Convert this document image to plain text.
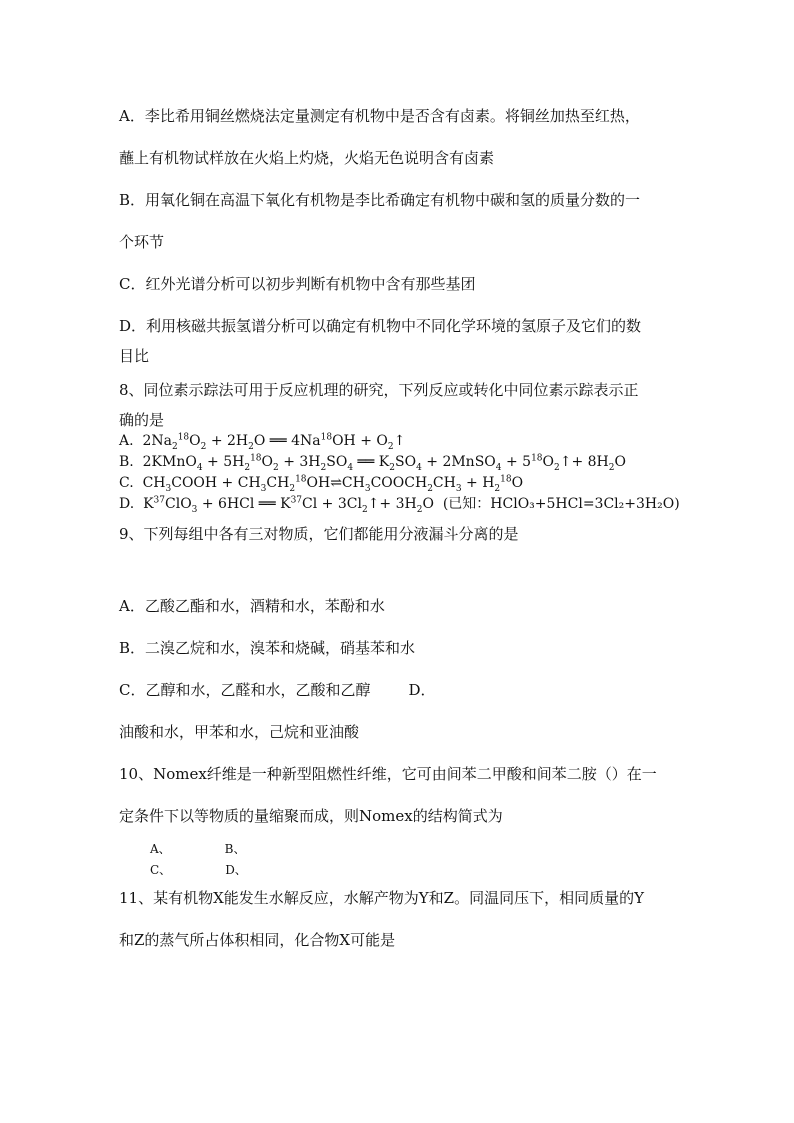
A．李比希用铜丝燃烧法定量测定有机物中是否含有卤素。将铜丝加热至红热，
蘸上有机物试样放在火焰上灼烧，火焰无色说明含有卤素
B．用氧化铜在高温下氧化有机物是李比希确定有机物中碳和氢的质量分数的一
个环节
C．红外光谱分析可以初步判断有机物中含有那些基团
D．利用核磁共振氢谱分析可以确定有机物中不同化学环境的氢原子及它们的数
目比
8、同位素示踪法可用于反应机理的研究，下列反应或转化中同位素示踪表示正
确的是
A.  $2Na_2^{18}O_2 + 2H_2O$ ══ $4Na^{18}OH$ + $O_2↑$
B.  2KMnO$_4$ + $5H_2^{18}O_2 + 3H_2SO_4$ ══ $K_2SO_4$ + 2MnSO$_4$ + $5^{18}O_2↑+ 8H_2O$
C.  $CH_3COOH$ + $CH_3CH_2^{18}OH\rightleftharpoons CH_3COOCH_2CH_3 + H_2^{18}O$
D.  $K^{37}ClO_3 + 6HCl$ ══ $K^{37}Cl$ + $3Cl_2↑+ 3H_2O$  (已知：HClO₃+5HCl=3Cl₂+3H₂O)
9、下列每组中各有三对物质，它们都能用分液漏斗分离的是
A．乙酸乙酯和水，酒精和水，苯酚和水
B．二溴乙烷和水，溴苯和烧碱，硝基苯和水
C．乙醇和水，乙醛和水，乙酸和乙醇	D．
油酸和水，甲苯和水，己烷和亚油酸
10、Nomex纤维是一种新型阻燃性纤维，它可由间苯二甲酸和间苯二胺（）在一
定条件下以等物质的量缩聚而成，则Nomex的结构简式为
A、	B、
C、	D、
11、某有机物X能发生水解反应，水解产物为Y和Z。同温同压下，相同质量的Y
和Z的蒸气所占体积相同，化合物X可能是
